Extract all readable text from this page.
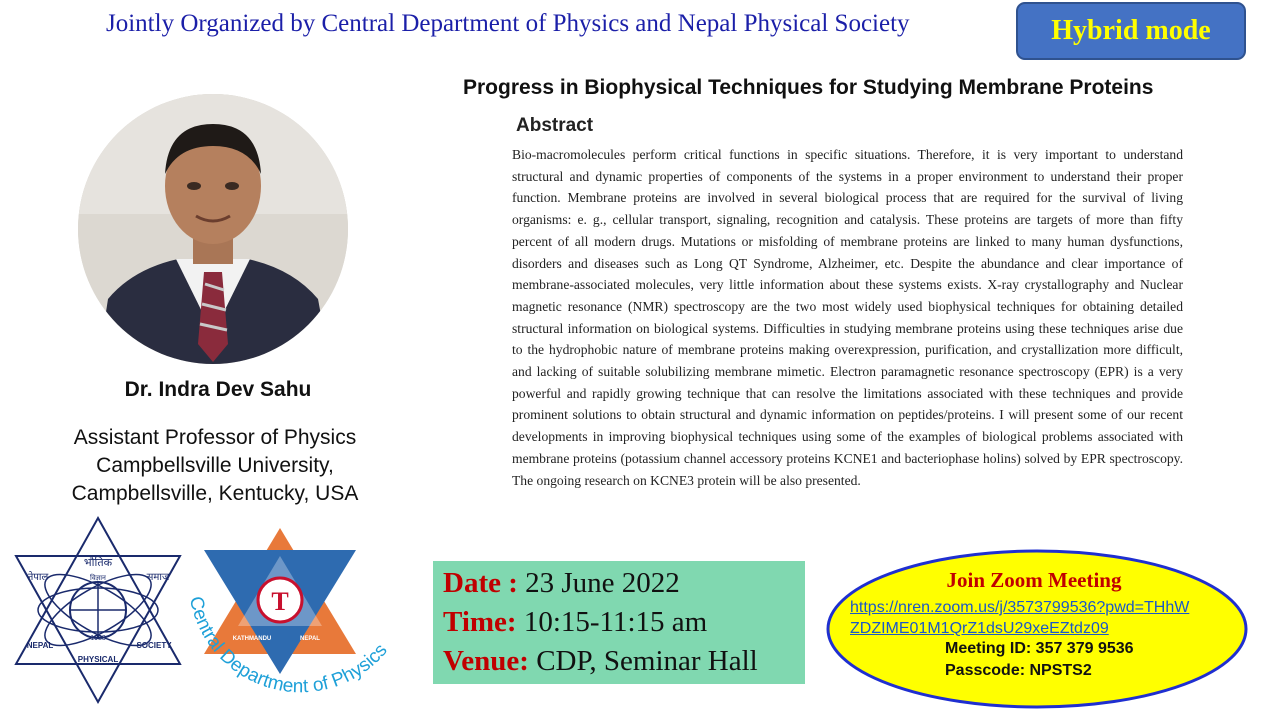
Jointly Organized by Central Department of Physics and Nepal Physical Society	Hybrid mode
Progress in Biophysical Techniques for Studying Membrane Proteins
Abstract

Bio-macromolecules perform critical functions in specific situations. Therefore, it is very important to understand structural and dynamic properties of components of the systems in a proper environment to understand their proper function. Membrane proteins are involved in several biological process that are required for the survival of living organisms: e. g., cellular transport, signaling, recognition and catalysis. These proteins are targets of more than fifty percent of all modern drugs. Mutations or misfolding of membrane proteins are linked to many human dysfunctions, disorders and diseases such as Long QT Syndrome, Alzheimer, etc. Despite the abundance and clear importance of membrane-associated molecules, very little information about these systems exists. X-ray crystallography and Nuclear magnetic resonance (NMR) spectroscopy are the two most widely used biophysical techniques for obtaining detailed structural information on biological systems. Difficulties in studying membrane proteins using these techniques arise due to the hydrophobic nature of membrane proteins making overexpression, purification, and crystallization more difficult, and lacking of suitable solubilizing membrane mimetic. Electron paramagnetic resonance spectroscopy (EPR) is a very powerful and rapidly growing technique that can resolve the limitations associated with these techniques and provide prominent solutions to obtain structural and dynamic information on peptides/proteins. I will present some of our recent developments in improving biophysical techniques using some of the examples of biological problems associated with membrane proteins (potassium channel accessory proteins KCNE1 and bacteriophase holins) solved by EPR spectroscopy. The ongoing research on KCNE3 protein will be also presented.

Dr. Indra Dev Sahu
Assistant Professor of Physics
Campbellsville University,
Campbellsville, Kentucky, USA
भौतिक
विज्ञान
नेपाल	समाज
NEPAL	SOCIETY
PHYSICAL
1983
T
KATHMANDU	NEPAL
Central Department of Physics
Date : 23 June 2022
Time: 10:15-11:15 am
Venue: CDP, Seminar Hall
Join Zoom Meeting
https://nren.zoom.us/j/3573799536?pwd=THhWZDZIME01M1QrZ1dsU29xeEZtdz09
Meeting ID: 357 379 9536
Passcode: NPSTS2
